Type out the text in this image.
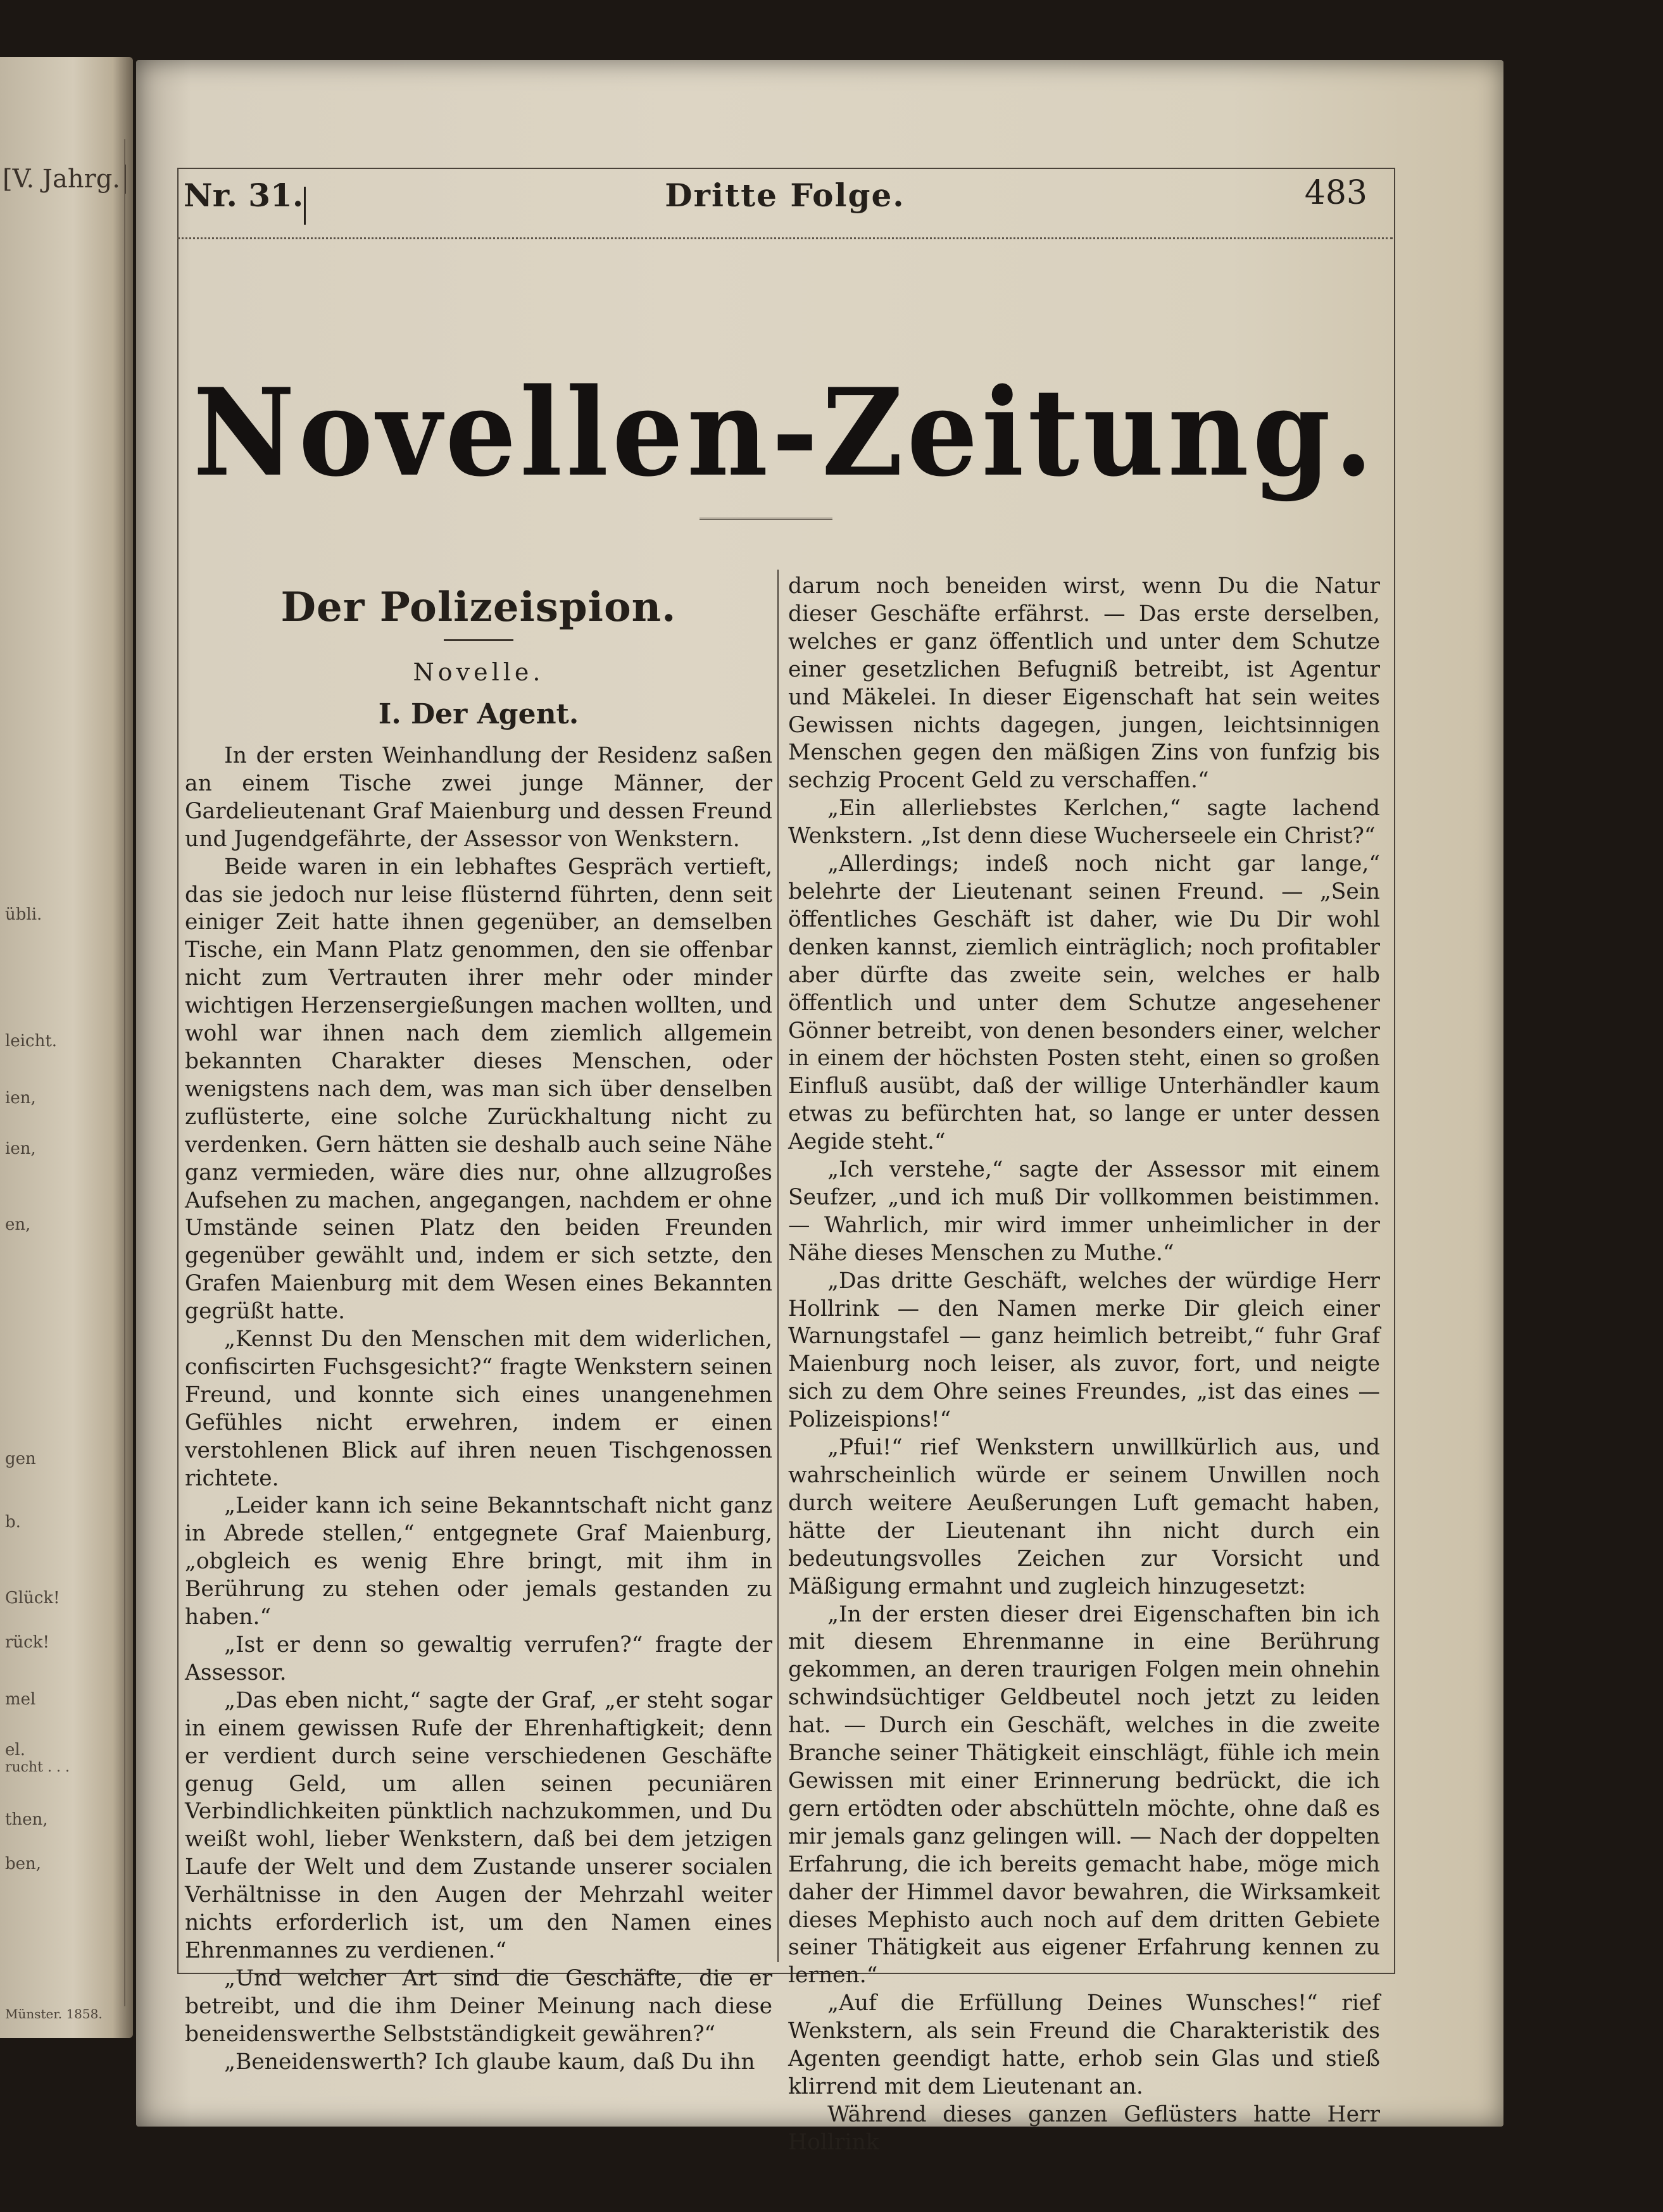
[V. Jahrg.
übli.
leicht.
ien,
ien,
en,
gen
b.
Glück!
rück!
mel
el.
rucht . . .
then,
ben,
Münster. 1858.
Nr. 31.	Dritte Folge.	483
Novellen-Zeitung.
Der Polizeispion.
Novelle.
I. Der Agent.

In der ersten Weinhandlung der Residenz saßen an einem Tische zwei junge Männer, der Gardelieutenant Graf Maienburg und dessen Freund und Jugendgefährte, der Assessor von Wenkstern.

Beide waren in ein lebhaftes Gespräch vertieft, das sie jedoch nur leise flüsternd führten, denn seit einiger Zeit hatte ihnen gegenüber, an demselben Tische, ein Mann Platz genommen, den sie offenbar nicht zum Vertrauten ihrer mehr oder minder wichtigen Herzensergießungen machen wollten, und wohl war ihnen nach dem ziemlich allgemein bekannten Charakter dieses Menschen, oder wenigstens nach dem, was man sich über denselben zuflüsterte, eine solche Zurückhaltung nicht zu verdenken. Gern hätten sie deshalb auch seine Nähe ganz vermieden, wäre dies nur, ohne allzugroßes Aufsehen zu machen, angegangen, nachdem er ohne Umstände seinen Platz den beiden Freunden gegenüber gewählt und, indem er sich setzte, den Grafen Maienburg mit dem Wesen eines Bekannten gegrüßt hatte.

„Kennst Du den Menschen mit dem widerlichen, confiscirten Fuchsgesicht?“ fragte Wenkstern seinen Freund, und konnte sich eines unangenehmen Gefühles nicht erwehren, indem er einen verstohlenen Blick auf ihren neuen Tischgenossen richtete.

„Leider kann ich seine Bekanntschaft nicht ganz in Abrede stellen,“ entgegnete Graf Maienburg, „obgleich es wenig Ehre bringt, mit ihm in Berührung zu stehen oder jemals gestanden zu haben.“

„Ist er denn so gewaltig verrufen?“ fragte der Assessor.

„Das eben nicht,“ sagte der Graf, „er steht sogar in einem gewissen Rufe der Ehrenhaftigkeit; denn er verdient durch seine verschiedenen Geschäfte genug Geld, um allen seinen pecuniären Verbindlichkeiten pünktlich nachzukommen, und Du weißt wohl, lieber Wenkstern, daß bei dem jetzigen Laufe der Welt und dem Zustande unserer socialen Verhältnisse in den Augen der Mehrzahl weiter nichts erforderlich ist, um den Namen eines Ehrenmannes zu verdienen.“

„Und welcher Art sind die Geschäfte, die er betreibt, und die ihm Deiner Meinung nach diese beneidenswerthe Selbstständigkeit gewähren?“

„Beneidenswerth? Ich glaube kaum, daß Du ihn

darum noch beneiden wirst, wenn Du die Natur dieser Geschäfte erfährst. — Das erste derselben, welches er ganz öffentlich und unter dem Schutze einer gesetzlichen Befugniß betreibt, ist Agentur und Mäkelei. In dieser Eigenschaft hat sein weites Gewissen nichts dagegen, jungen, leichtsinnigen Menschen gegen den mäßigen Zins von funfzig bis sechzig Procent Geld zu verschaffen.“

„Ein allerliebstes Kerlchen,“ sagte lachend Wenkstern. „Ist denn diese Wucherseele ein Christ?“

„Allerdings; indeß noch nicht gar lange,“ belehrte der Lieutenant seinen Freund. — „Sein öffentliches Geschäft ist daher, wie Du Dir wohl denken kannst, ziemlich einträglich; noch profitabler aber dürfte das zweite sein, welches er halb öffentlich und unter dem Schutze angesehener Gönner betreibt, von denen besonders einer, welcher in einem der höchsten Posten steht, einen so großen Einfluß ausübt, daß der willige Unterhändler kaum etwas zu befürchten hat, so lange er unter dessen Aegide steht.“

„Ich verstehe,“ sagte der Assessor mit einem Seufzer, „und ich muß Dir vollkommen beistimmen. — Wahrlich, mir wird immer unheimlicher in der Nähe dieses Menschen zu Muthe.“

„Das dritte Geschäft, welches der würdige Herr Hollrink — den Namen merke Dir gleich einer Warnungstafel — ganz heimlich betreibt,“ fuhr Graf Maienburg noch leiser, als zuvor, fort, und neigte sich zu dem Ohre seines Freundes, „ist das eines — Polizeispions!“

„Pfui!“ rief Wenkstern unwillkürlich aus, und wahrscheinlich würde er seinem Unwillen noch durch weitere Aeußerungen Luft gemacht haben, hätte der Lieutenant ihn nicht durch ein bedeutungsvolles Zeichen zur Vorsicht und Mäßigung ermahnt und zugleich hinzugesetzt:

„In der ersten dieser drei Eigenschaften bin ich mit diesem Ehrenmanne in eine Berührung gekommen, an deren traurigen Folgen mein ohnehin schwindsüchtiger Geldbeutel noch jetzt zu leiden hat. — Durch ein Geschäft, welches in die zweite Branche seiner Thätigkeit einschlägt, fühle ich mein Gewissen mit einer Erinnerung bedrückt, die ich gern ertödten oder abschütteln möchte, ohne daß es mir jemals ganz gelingen will. — Nach der doppelten Erfahrung, die ich bereits gemacht habe, möge mich daher der Himmel davor bewahren, die Wirksamkeit dieses Mephisto auch noch auf dem dritten Gebiete seiner Thätigkeit aus eigener Erfahrung kennen zu lernen.“

„Auf die Erfüllung Deines Wunsches!“ rief Wenkstern, als sein Freund die Charakteristik des Agenten geendigt hatte, erhob sein Glas und stieß klirrend mit dem Lieutenant an.

Während dieses ganzen Geflüsters hatte Herr Hollrink
